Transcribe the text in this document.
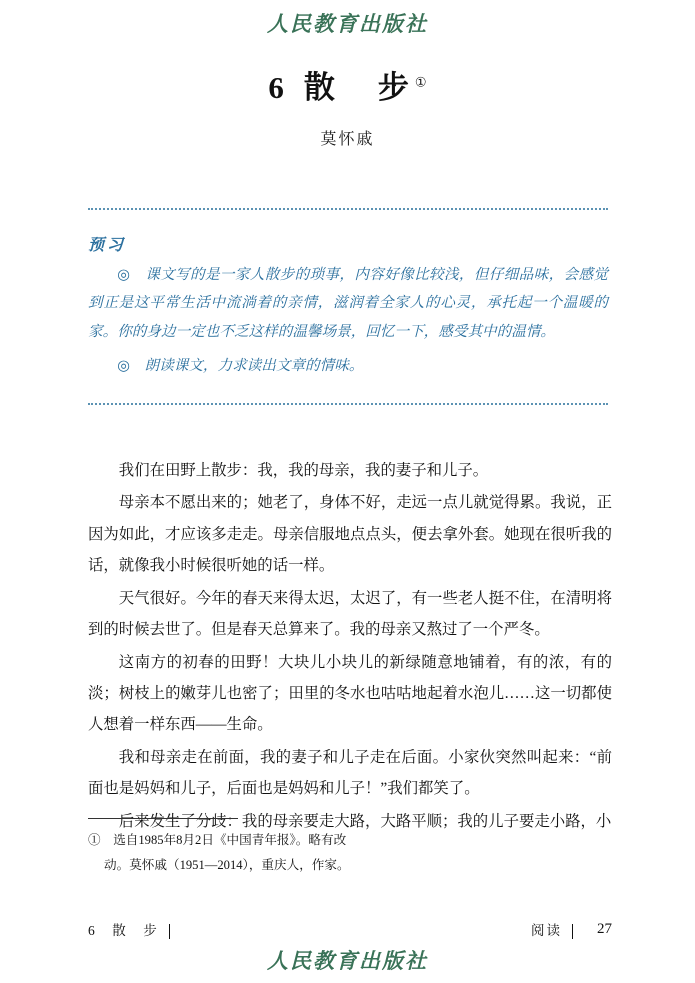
人民教育出版社
6 散　步①
莫怀戚
预习

◎　课文写的是一家人散步的琐事，内容好像比较浅，但仔细品味，会感觉到正是这平常生活中流淌着的亲情，滋润着全家人的心灵，承托起一个温暖的家。你的身边一定也不乏这样的温馨场景，回忆一下，感受其中的温情。

◎　朗读课文，力求读出文章的情味。

我们在田野上散步：我，我的母亲，我的妻子和儿子。

母亲本不愿出来的；她老了，身体不好，走远一点儿就觉得累。我说，正因为如此，才应该多走走。母亲信服地点点头，便去拿外套。她现在很听我的话，就像我小时候很听她的话一样。

天气很好。今年的春天来得太迟，太迟了，有一些老人挺不住，在清明将到的时候去世了。但是春天总算来了。我的母亲又熬过了一个严冬。

这南方的初春的田野！大块儿小块儿的新绿随意地铺着，有的浓，有的淡；树枝上的嫩芽儿也密了；田里的冬水也咕咕地起着水泡儿……这一切都使人想着一样东西——生命。

我和母亲走在前面，我的妻子和儿子走在后面。小家伙突然叫起来：“前面也是妈妈和儿子，后面也是妈妈和儿子！”我们都笑了。

后来发生了分歧：我的母亲要走大路，大路平顺；我的儿子要走小路，小

①　选自1985年8月2日《中国青年报》。略有改
动。莫怀戚（1951—2014），重庆人，作家。
6　散　步	阅读 27
人民教育出版社
